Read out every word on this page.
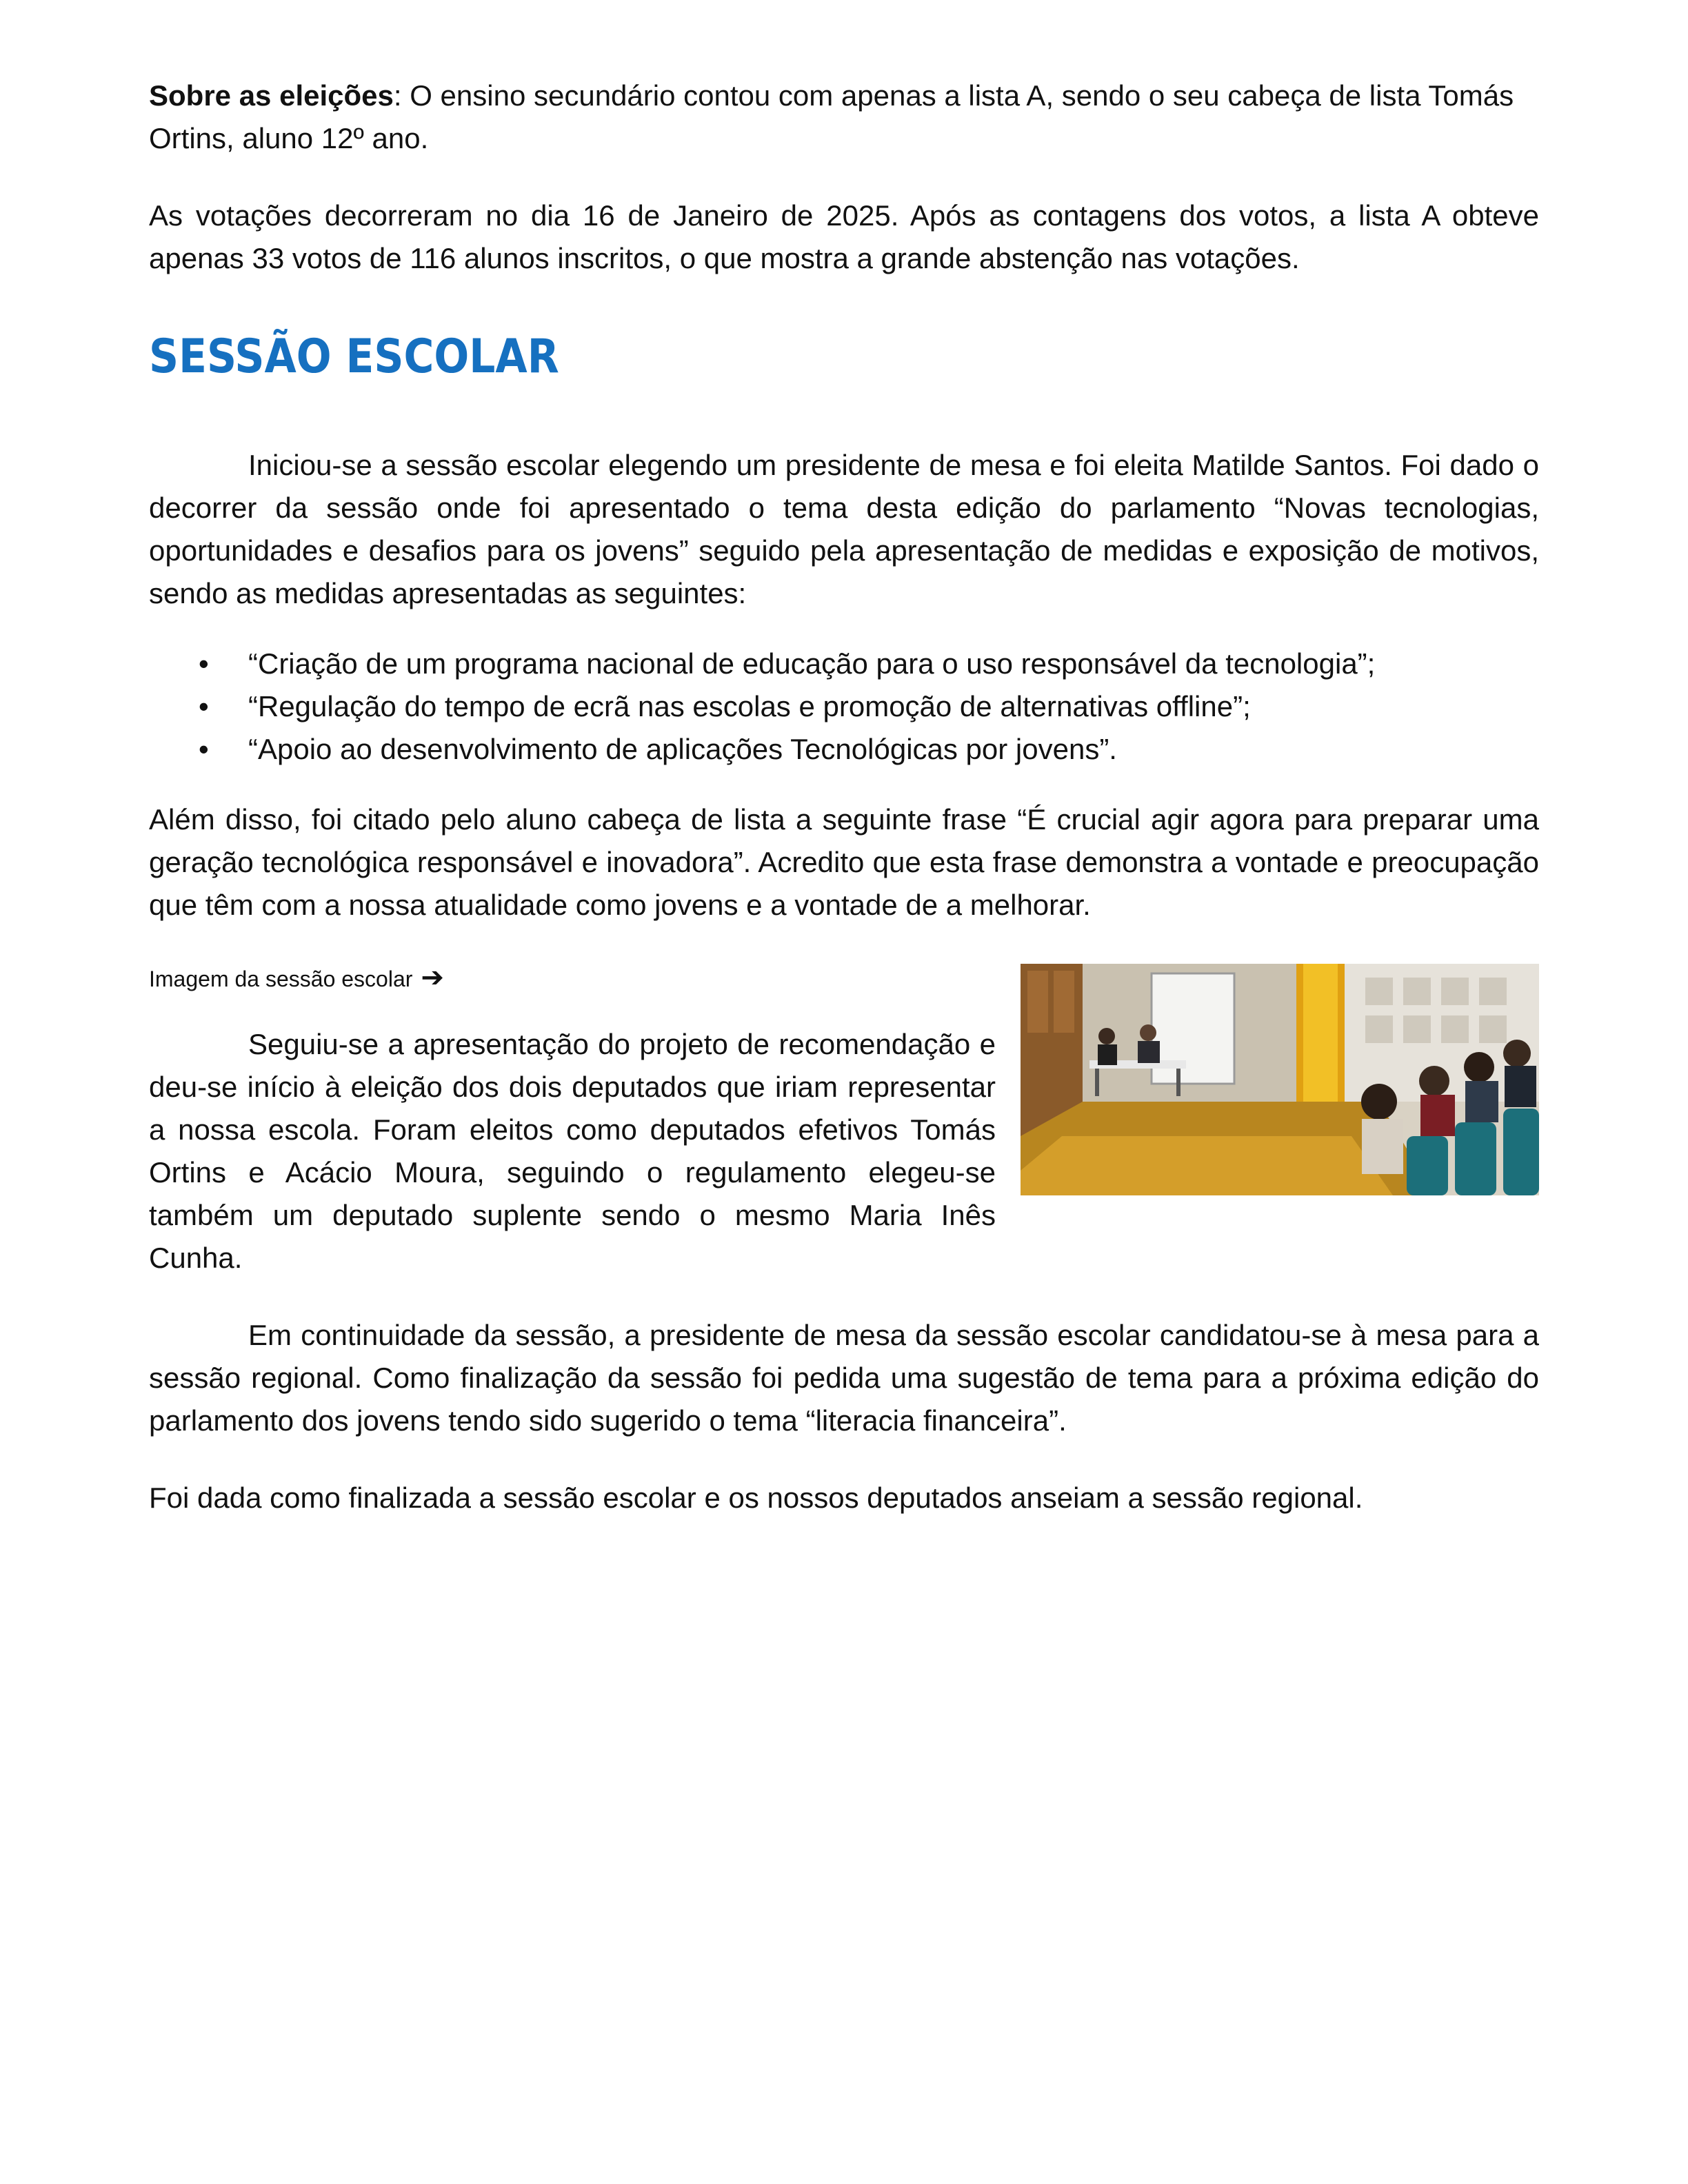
Sobre as eleições: O ensino secundário contou com apenas a lista A, sendo o seu cabeça de lista Tomás Ortins, aluno 12º ano.

As votações decorreram no dia 16 de Janeiro de 2025. Após as contagens dos votos, a lista A obteve apenas 33 votos de 116 alunos inscritos, o que mostra a grande abstenção nas votações.

SESSÃO ESCOLAR

Iniciou-se a sessão escolar elegendo um presidente de mesa e foi eleita Matilde Santos. Foi dado o decorrer da sessão onde foi apresentado o tema desta edição do parlamento “Novas tecnologias, oportunidades e desafios para os jovens” seguido pela apresentação de medidas e exposição de motivos, sendo as medidas apresentadas as seguintes:

•	“Criação de um programa nacional de educação para o uso responsável da tecnologia”;
•	“Regulação do tempo de ecrã nas escolas e promoção de alternativas offline”;
•	“Apoio ao desenvolvimento de aplicações Tecnológicas por jovens”.

Além disso, foi citado pelo aluno cabeça de lista a seguinte frase “É crucial agir agora para preparar uma geração tecnológica responsável e inovadora”. Acredito que esta frase demonstra a vontade e preocupação que têm com a nossa atualidade como jovens e a vontade de a melhorar.

Imagem da sessão escolar ➔

Seguiu-se a apresentação do projeto de recomendação e deu-se início à eleição dos dois deputados que iriam representar a nossa escola. Foram eleitos como deputados efetivos Tomás Ortins e Acácio Moura, seguindo o regulamento elegeu-se também um deputado suplente sendo o mesmo Maria Inês Cunha.

Em continuidade da sessão, a presidente de mesa da sessão escolar candidatou-se à mesa para a sessão regional. Como finalização da sessão foi pedida uma sugestão de tema para a próxima edição do parlamento dos jovens tendo sido sugerido o tema “literacia financeira”.

Foi dada como finalizada a sessão escolar e os nossos deputados anseiam a sessão regional.
